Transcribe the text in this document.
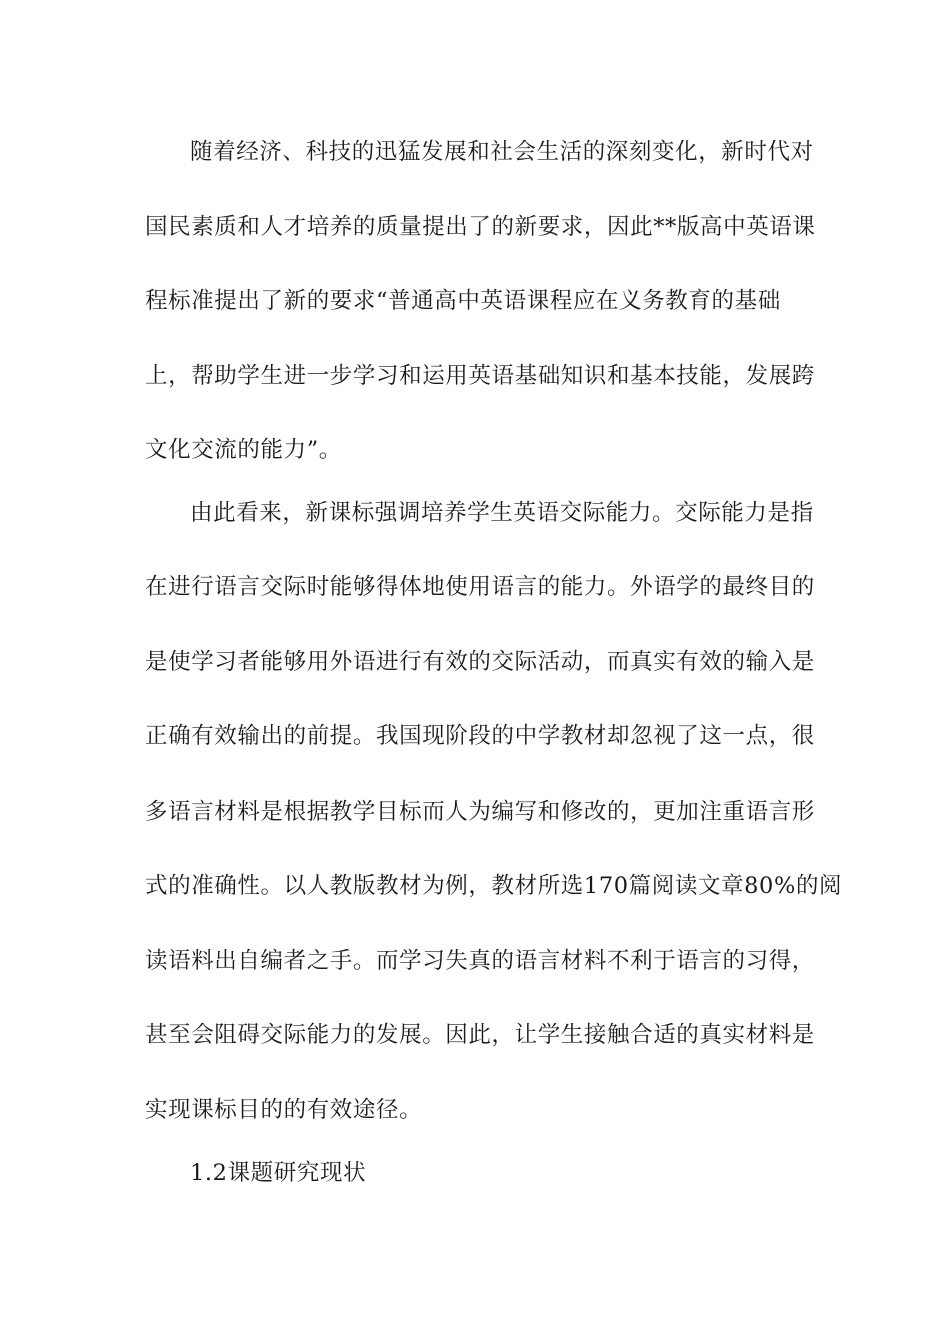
随着经济、科技的迅猛发展和社会生活的深刻变化，新时代对
国民素质和人才培养的质量提出了的新要求，因此**版高中英语课
程标准提出了新的要求“普通高中英语课程应在义务教育的基础
上，帮助学生进一步学习和运用英语基础知识和基本技能，发展跨
文化交流的能力”。
由此看来，新课标强调培养学生英语交际能力。交际能力是指
在进行语言交际时能够得体地使用语言的能力。外语学的最终目的
是使学习者能够用外语进行有效的交际活动，而真实有效的输入是
正确有效输出的前提。我国现阶段的中学教材却忽视了这一点，很
多语言材料是根据教学目标而人为编写和修改的，更加注重语言形
式的准确性。以人教版教材为例，教材所选170篇阅读文章80%的阅
读语料出自编者之手。而学习失真的语言材料不利于语言的习得，
甚至会阻碍交际能力的发展。因此，让学生接触合适的真实材料是
实现课标目的的有效途径。
1.2课题研究现状
